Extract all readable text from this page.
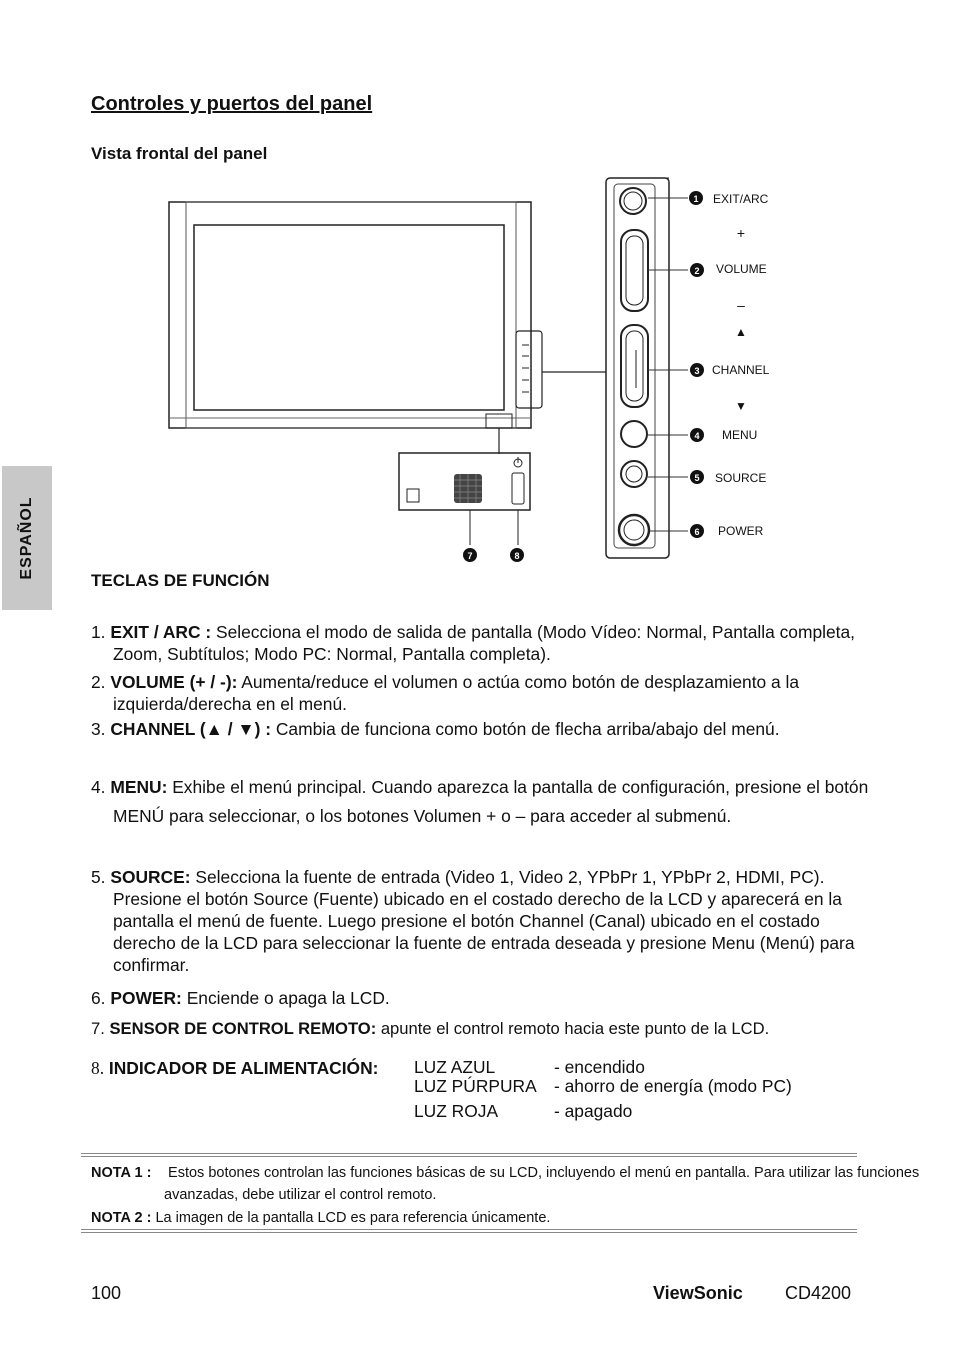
ESPAÑOL
Controles y puertos del panel
Vista frontal del panel
7	8
1 EXIT/ARC
+
2 VOLUME
–
▲
3 CHANNEL
▼
4 MENU
5 SOURCE
6 POWER
TECLAS DE FUNCIÓN
1. EXIT / ARC : Selecciona el modo de salida de pantalla (Modo Vídeo: Normal, Pantalla completa, Zoom, Subtítulos; Modo PC: Normal, Pantalla completa).
2. VOLUME (+ / -): Aumenta/reduce el volumen o actúa como botón de desplazamiento a la izquierda/derecha en el menú.
3. CHANNEL (▲ / ▼) : Cambia de funciona como botón de flecha arriba/abajo del menú.
4. MENU: Exhibe el menú principal. Cuando aparezca la pantalla de configuración, presione el botón MENÚ para seleccionar, o los botones Volumen + o – para acceder al submenú.
5. SOURCE: Selecciona la fuente de entrada (Video 1, Video 2, YPbPr 1, YPbPr 2, HDMI, PC). Presione el botón Source (Fuente) ubicado en el costado derecho de la LCD y aparecerá en la pantalla el menú de fuente. Luego presione el botón Channel (Canal) ubicado en el costado derecho de la LCD para seleccionar la fuente de entrada deseada y presione Menu (Menú) para confirmar.
6. POWER: Enciende o apaga la LCD.
7. SENSOR DE CONTROL REMOTO: apunte el control remoto hacia este punto de la LCD.
8. INDICADOR DE ALIMENTACIÓN:	LUZ AZUL	- encendido
LUZ PÚRPURA - ahorro de energía (modo PC)
LUZ ROJA	- apagado
NOTA 1 : Estos botones controlan las funciones básicas de su LCD, incluyendo el menú en pantalla. Para utilizar las funciones avanzadas, debe utilizar el control remoto.
NOTA 2 : La imagen de la pantalla LCD es para referencia únicamente.
100	ViewSonic CD4200
